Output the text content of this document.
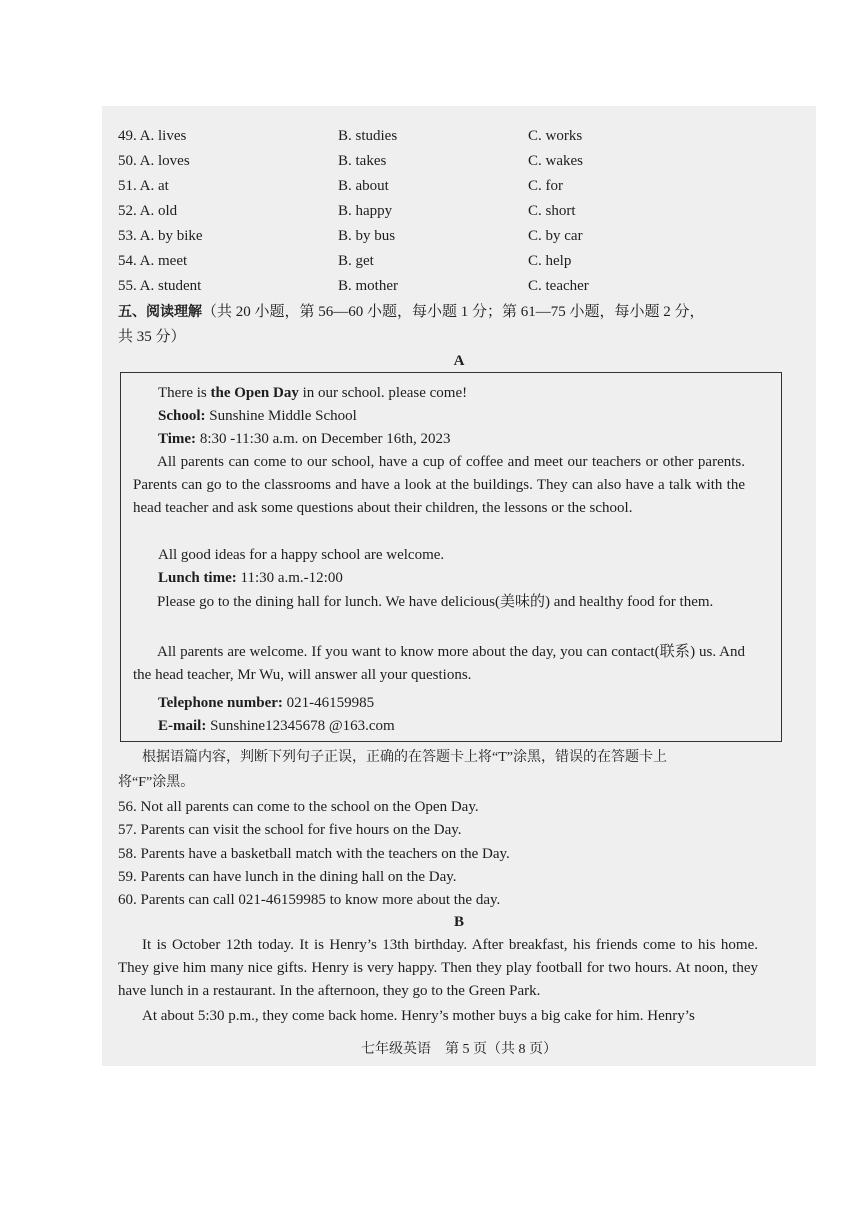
49. A. lives	B. studies	C. works
50. A. loves	B. takes	C. wakes
51. A. at	B. about	C. for
52. A. old	B. happy	C. short
53. A. by bike	B. by bus	C. by car
54. A. meet	B. get	C. help
55. A. student	B. mother	C. teacher
五、阅读理解（共 20 小题，第 56—60 小题，每小题 1 分；第 61—75 小题，每小题 2 分，
共 35 分）
A
There is the Open Day in our school. please come!
School: Sunshine Middle School
Time: 8:30 -11:30 a.m. on December 16th, 2023
All parents can come to our school, have a cup of coffee and meet our teachers or other parents. Parents can go to the classrooms and have a look at the buildings. They can also have a talk with the head teacher and ask some questions about their children, the lessons or the school.
All good ideas for a happy school are welcome.
Lunch time: 11:30 a.m.-12:00
Please go to the dining hall for lunch. We have delicious(美味的) and healthy food for them.
All parents are welcome. If you want to know more about the day, you can contact(联系) us. And the head teacher, Mr Wu, will answer all your questions.
Telephone number: 021-46159985
E-mail: Sunshine12345678 @163.com
根据语篇内容，判断下列句子正误，正确的在答题卡上将“T”涂黑，错误的在答题卡上
将“F”涂黑。
56. Not all parents can come to the school on the Open Day.
57. Parents can visit the school for five hours on the Day.
58. Parents have a basketball match with the teachers on the Day.
59. Parents can have lunch in the dining hall on the Day.
60. Parents can call 021-46159985 to know more about the day.
B
It is October 12th today. It is Henry’s 13th birthday. After breakfast, his friends come to his home. They give him many nice gifts. Henry is very happy. Then they play football for two hours. At noon, they have lunch in a restaurant. In the afternoon, they go to the Green Park.
At about 5:30 p.m., they come back home. Henry’s mother buys a big cake for him. Henry’s
七年级英语　第 5 页（共 8 页）
